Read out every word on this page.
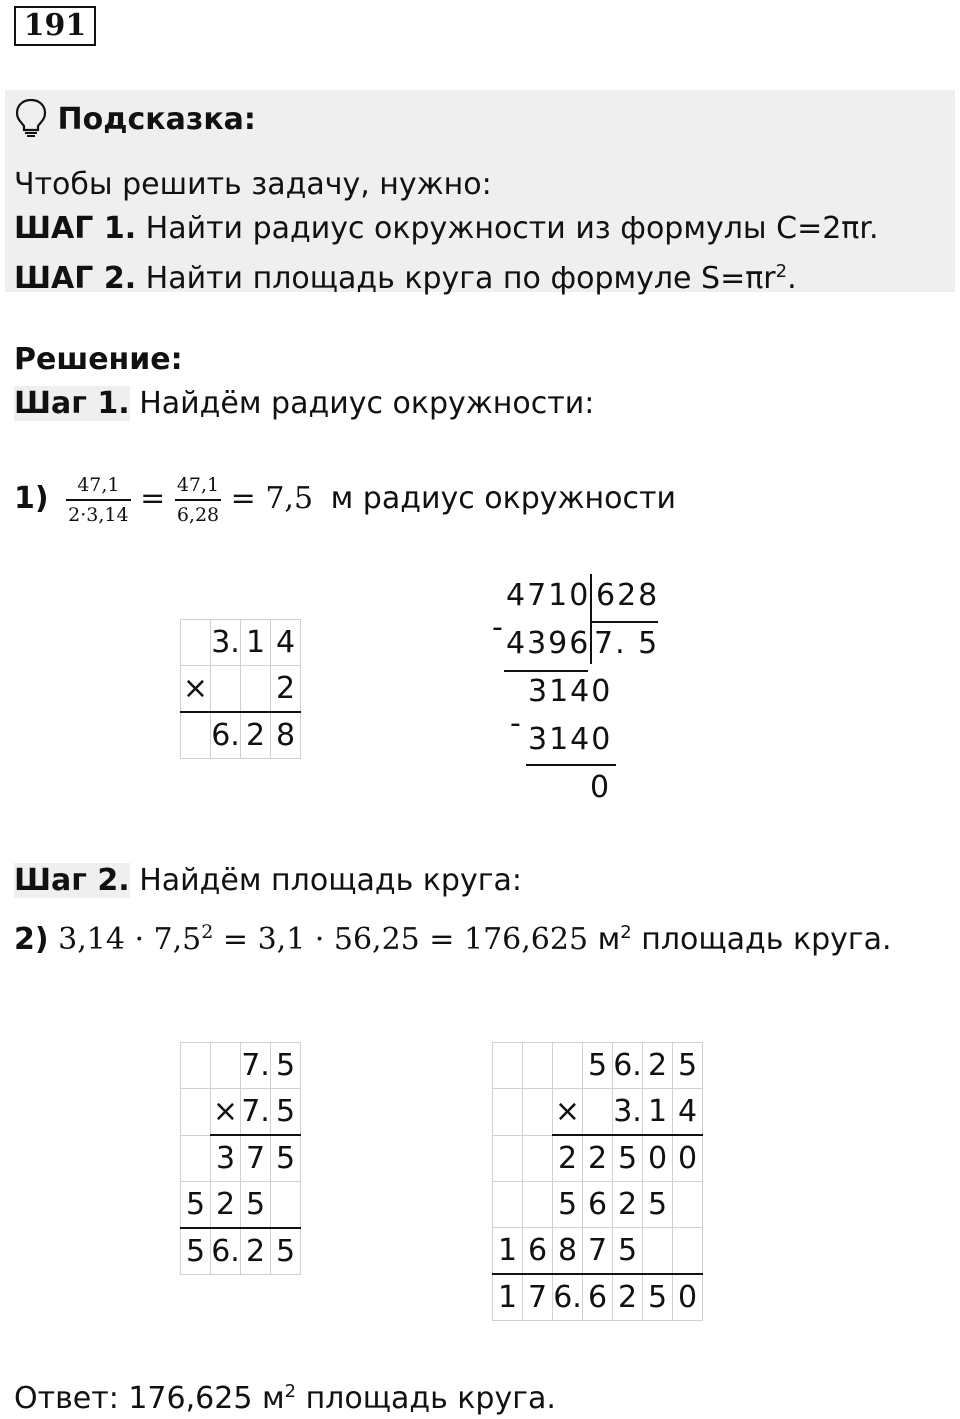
191
Подсказка:
Чтобы решить задачу, нужно:
ШАГ 1. Найти радиус окружности из формулы С=2πr.
ШАГ 2. Найти площадь круга по формуле $S=\pi r^2$.
Решение:
Шаг 1. Найдём радиус окружности:
$1) \frac{47,1}{2\cdot 3,14} = \frac{47,1}{6,28} = 7,5$ м радиус окружности
	3.	1	4
×			2
	6.	2	8
4710 628
- 4396 7. 5
3140
- 3140
0
Шаг 2. Найдём площадь круга:
2) $3,14 \cdot 7,5^2 = 3,1 \cdot 56,25 = 176,625$ $м^2$ площадь круга.
		7.	5
	×	7.	5
	3	7	5
5	2	5	
5	6.	2	5
			5	6.	2	5
		×		3.	1	4
		2	2	5	0	0
		5	6	2	5	
1	6	8	7	5		
1	7	6.	6	2	5	0
Ответ: 176,625 $м^2$ площадь круга.
